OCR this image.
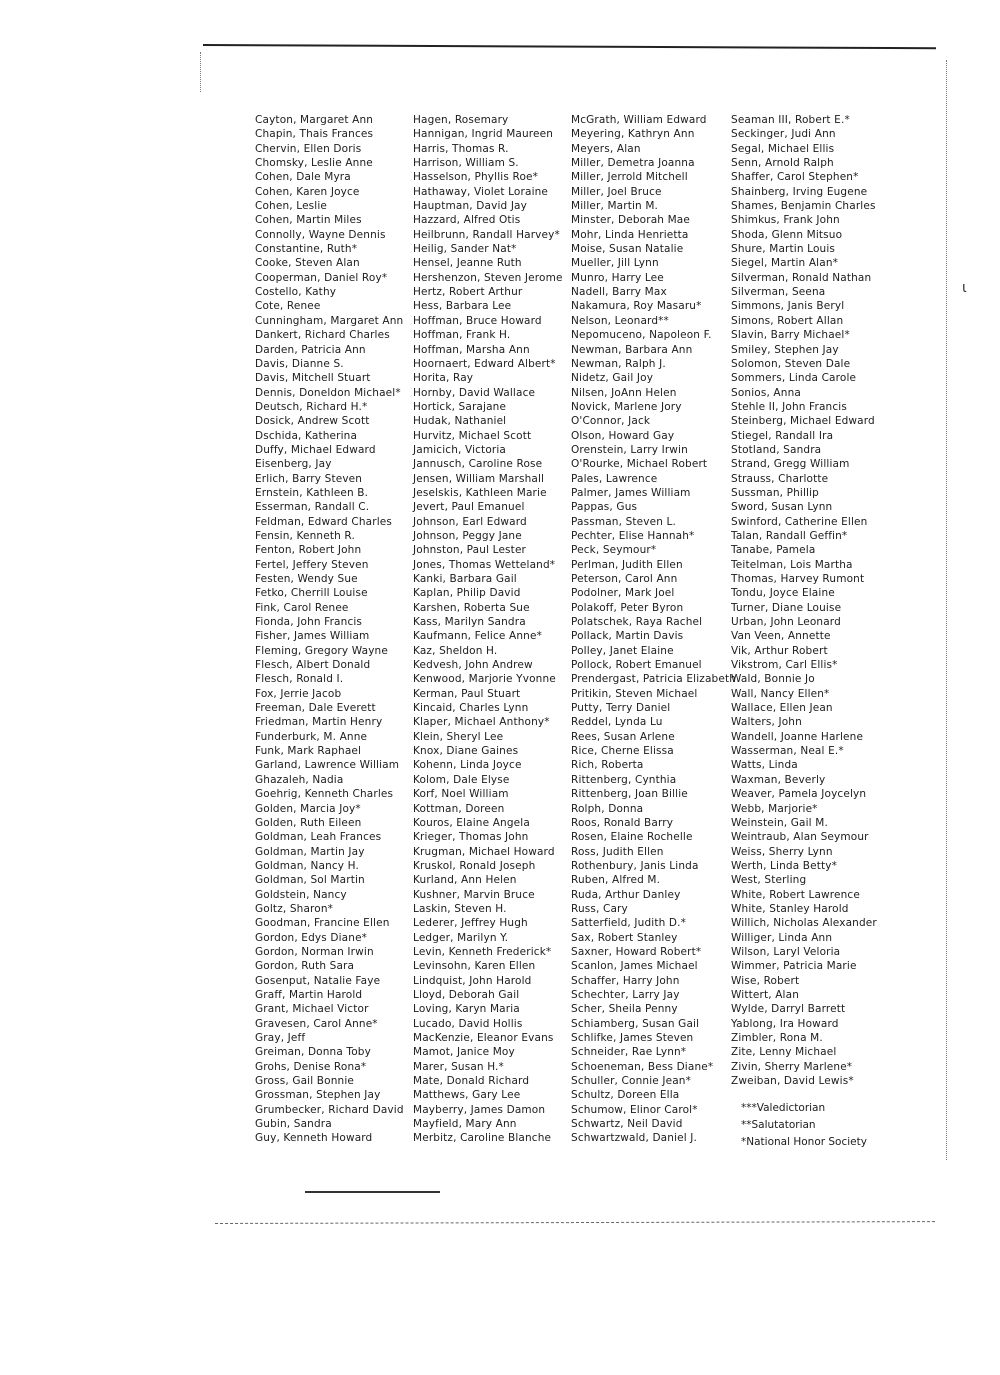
ɩ
Cayton, Margaret Ann
Chapin, Thais Frances
Chervin, Ellen Doris
Chomsky, Leslie Anne
Cohen, Dale Myra
Cohen, Karen Joyce
Cohen, Leslie
Cohen, Martin Miles
Connolly, Wayne Dennis
Constantine, Ruth*
Cooke, Steven Alan
Cooperman, Daniel Roy*
Costello, Kathy
Cote, Renee
Cunningham, Margaret Ann
Dankert, Richard Charles
Darden, Patricia Ann
Davis, Dianne S.
Davis, Mitchell Stuart
Dennis, Doneldon Michael*
Deutsch, Richard H.*
Dosick, Andrew Scott
Dschida, Katherina
Duffy, Michael Edward
Eisenberg, Jay
Erlich, Barry Steven
Ernstein, Kathleen B.
Esserman, Randall C.
Feldman, Edward Charles
Fensin, Kenneth R.
Fenton, Robert John
Fertel, Jeffery Steven
Festen, Wendy Sue
Fetko, Cherrill Louise
Fink, Carol Renee
Fionda, John Francis
Fisher, James William
Fleming, Gregory Wayne
Flesch, Albert Donald
Flesch, Ronald I.
Fox, Jerrie Jacob
Freeman, Dale Everett
Friedman, Martin Henry
Funderburk, M. Anne
Funk, Mark Raphael
Garland, Lawrence William
Ghazaleh, Nadia
Goehrig, Kenneth Charles
Golden, Marcia Joy*
Golden, Ruth Eileen
Goldman, Leah Frances
Goldman, Martin Jay
Goldman, Nancy H.
Goldman, Sol Martin
Goldstein, Nancy
Goltz, Sharon*
Goodman, Francine Ellen
Gordon, Edys Diane*
Gordon, Norman Irwin
Gordon, Ruth Sara
Gosenput, Natalie Faye
Graff, Martin Harold
Grant, Michael Victor
Gravesen, Carol Anne*
Gray, Jeff
Greiman, Donna Toby
Grohs, Denise Rona*
Gross, Gail Bonnie
Grossman, Stephen Jay
Grumbecker, Richard David
Gubin, Sandra
Guy, Kenneth Howard
Hagen, Rosemary
Hannigan, Ingrid Maureen
Harris, Thomas R.
Harrison, William S.
Hasselson, Phyllis Roe*
Hathaway, Violet Loraine
Hauptman, David Jay
Hazzard, Alfred Otis
Heilbrunn, Randall Harvey*
Heilig, Sander Nat*
Hensel, Jeanne Ruth
Hershenzon, Steven Jerome
Hertz, Robert Arthur
Hess, Barbara Lee
Hoffman, Bruce Howard
Hoffman, Frank H.
Hoffman, Marsha Ann
Hoornaert, Edward Albert*
Horita, Ray
Hornby, David Wallace
Hortick, Sarajane
Hudak, Nathaniel
Hurvitz, Michael Scott
Jamicich, Victoria
Jannusch, Caroline Rose
Jensen, William Marshall
Jeselskis, Kathleen Marie
Jevert, Paul Emanuel
Johnson, Earl Edward
Johnson, Peggy Jane
Johnston, Paul Lester
Jones, Thomas Wetteland*
Kanki, Barbara Gail
Kaplan, Philip David
Karshen, Roberta Sue
Kass, Marilyn Sandra
Kaufmann, Felice Anne*
Kaz, Sheldon H.
Kedvesh, John Andrew
Kenwood, Marjorie Yvonne
Kerman, Paul Stuart
Kincaid, Charles Lynn
Klaper, Michael Anthony*
Klein, Sheryl Lee
Knox, Diane Gaines
Kohenn, Linda Joyce
Kolom, Dale Elyse
Korf, Noel William
Kottman, Doreen
Kouros, Elaine Angela
Krieger, Thomas John
Krugman, Michael Howard
Kruskol, Ronald Joseph
Kurland, Ann Helen
Kushner, Marvin Bruce
Laskin, Steven H.
Lederer, Jeffrey Hugh
Ledger, Marilyn Y.
Levin, Kenneth Frederick*
Levinsohn, Karen Ellen
Lindquist, John Harold
Lloyd, Deborah Gail
Loving, Karyn Maria
Lucado, David Hollis
MacKenzie, Eleanor Evans
Mamot, Janice Moy
Marer, Susan H.*
Mate, Donald Richard
Matthews, Gary Lee
Mayberry, James Damon
Mayfield, Mary Ann
Merbitz, Caroline Blanche
McGrath, William Edward
Meyering, Kathryn Ann
Meyers, Alan
Miller, Demetra Joanna
Miller, Jerrold Mitchell
Miller, Joel Bruce
Miller, Martin M.
Minster, Deborah Mae
Mohr, Linda Henrietta
Moise, Susan Natalie
Mueller, Jill Lynn
Munro, Harry Lee
Nadell, Barry Max
Nakamura, Roy Masaru*
Nelson, Leonard**
Nepomuceno, Napoleon F.
Newman, Barbara Ann
Newman, Ralph J.
Nidetz, Gail Joy
Nilsen, JoAnn Helen
Novick, Marlene Jory
O'Connor, Jack
Olson, Howard Gay
Orenstein, Larry Irwin
O'Rourke, Michael Robert
Pales, Lawrence
Palmer, James William
Pappas, Gus
Passman, Steven L.
Pechter, Elise Hannah*
Peck, Seymour*
Perlman, Judith Ellen
Peterson, Carol Ann
Podolner, Mark Joel
Polakoff, Peter Byron
Polatschek, Raya Rachel
Pollack, Martin Davis
Polley, Janet Elaine
Pollock, Robert Emanuel
Prendergast, Patricia Elizabeth
Pritikin, Steven Michael
Putty, Terry Daniel
Reddel, Lynda Lu
Rees, Susan Arlene
Rice, Cherne Elissa
Rich, Roberta
Rittenberg, Cynthia
Rittenberg, Joan Billie
Rolph, Donna
Roos, Ronald Barry
Rosen, Elaine Rochelle
Ross, Judith Ellen
Rothenbury, Janis Linda
Ruben, Alfred M.
Ruda, Arthur Danley
Russ, Cary
Satterfield, Judith D.*
Sax, Robert Stanley
Saxner, Howard Robert*
Scanlon, James Michael
Schaffer, Harry John
Schechter, Larry Jay
Scher, Sheila Penny
Schiamberg, Susan Gail
Schlifke, James Steven
Schneider, Rae Lynn*
Schoeneman, Bess Diane*
Schuller, Connie Jean*
Schultz, Doreen Ella
Schumow, Elinor Carol*
Schwartz, Neil David
Schwartzwald, Daniel J.
Seaman III, Robert E.*
Seckinger, Judi Ann
Segal, Michael Ellis
Senn, Arnold Ralph
Shaffer, Carol Stephen*
Shainberg, Irving Eugene
Shames, Benjamin Charles
Shimkus, Frank John
Shoda, Glenn Mitsuo
Shure, Martin Louis
Siegel, Martin Alan*
Silverman, Ronald Nathan
Silverman, Seena
Simmons, Janis Beryl
Simons, Robert Allan
Slavin, Barry Michael*
Smiley, Stephen Jay
Solomon, Steven Dale
Sommers, Linda Carole
Sonios, Anna
Stehle II, John Francis
Steinberg, Michael Edward
Stiegel, Randall Ira
Stotland, Sandra
Strand, Gregg William
Strauss, Charlotte
Sussman, Phillip
Sword, Susan Lynn
Swinford, Catherine Ellen
Talan, Randall Geffin*
Tanabe, Pamela
Teitelman, Lois Martha
Thomas, Harvey Rumont
Tondu, Joyce Elaine
Turner, Diane Louise
Urban, John Leonard
Van Veen, Annette
Vik, Arthur Robert
Vikstrom, Carl Ellis*
Wald, Bonnie Jo
Wall, Nancy Ellen*
Wallace, Ellen Jean
Walters, John
Wandell, Joanne Harlene
Wasserman, Neal E.*
Watts, Linda
Waxman, Beverly
Weaver, Pamela Joycelyn
Webb, Marjorie*
Weinstein, Gail M.
Weintraub, Alan Seymour
Weiss, Sherry Lynn
Werth, Linda Betty*
West, Sterling
White, Robert Lawrence
White, Stanley Harold
Willich, Nicholas Alexander
Williger, Linda Ann
Wilson, Laryl Veloria
Wimmer, Patricia Marie
Wise, Robert
Wittert, Alan
Wylde, Darryl Barrett
Yablong, Ira Howard
Zimbler, Rona M.
Zite, Lenny Michael
Zivin, Sherry Marlene*
Zweiban, David Lewis*
***Valedictorian
**Salutatorian
*National Honor Society
